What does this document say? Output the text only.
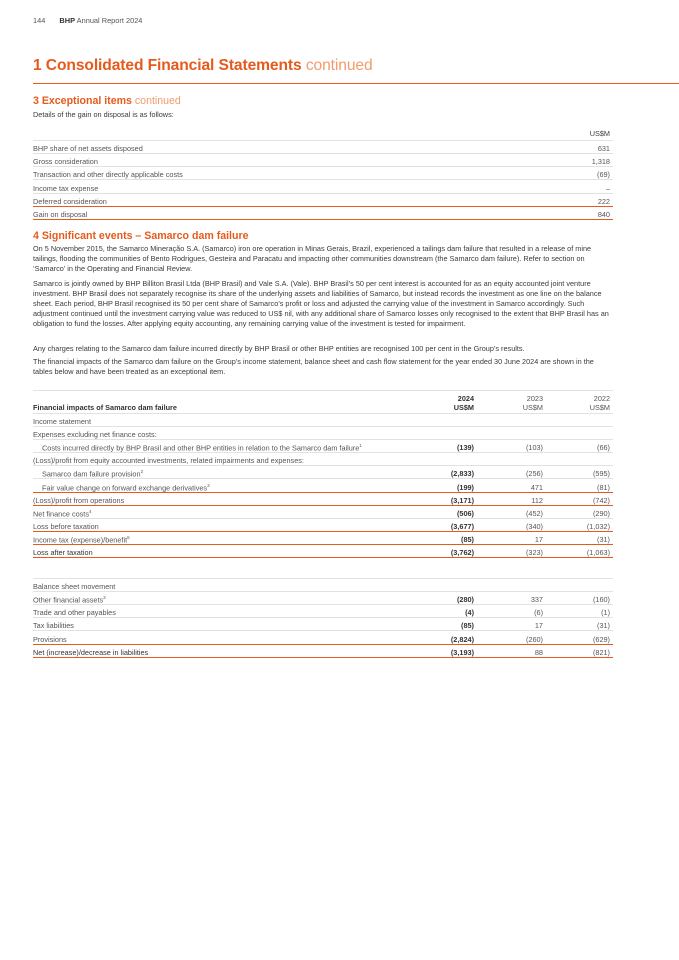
144 BHP Annual Report 2024
1 Consolidated Financial Statements continued
3 Exceptional items continued
Details of the gain on disposal is as follows:
US$M
BHP share of net assets disposed	631
Gross consideration	1,318
Transaction and other directly applicable costs	(69)
Income tax expense	–
Deferred consideration	222
Gain on disposal	840
4 Significant events – Samarco dam failure
On 5 November 2015, the Samarco Mineração S.A. (Samarco) iron ore operation in Minas Gerais, Brazil, experienced a tailings dam failure that resulted in a release of mine tailings, flooding the communities of Bento Rodrigues, Gesteira and Paracatu and impacting other communities downstream (the Samarco dam failure). Refer to section on ‘Samarco’ in the Operating and Financial Review.
Samarco is jointly owned by BHP Billiton Brasil Ltda (BHP Brasil) and Vale S.A. (Vale). BHP Brasil’s 50 per cent interest is accounted for as an equity accounted joint venture investment. BHP Brasil does not separately recognise its share of the underlying assets and liabilities of Samarco, but instead records the investment as one line on the balance sheet. Each period, BHP Brasil recognised its 50 per cent share of Samarco’s profit or loss and adjusted the carrying value of the investment in Samarco accordingly. Such adjustment continued until the investment carrying value was reduced to US$ nil, with any additional share of Samarco losses only recognised to the extent that BHP Brasil has an obligation to fund the losses. After applying equity accounting, any remaining carrying value of the investment is tested for impairment.
Any charges relating to the Samarco dam failure incurred directly by BHP Brasil or other BHP entities are recognised 100 per cent in the Group’s results.
The financial impacts of the Samarco dam failure on the Group’s income statement, balance sheet and cash flow statement for the year ended 30 June 2024 are shown in the tables below and have been treated as an exceptional item.
Financial impacts of Samarco dam failure
2024
US$M
2023
US$M
2022
US$M
Income statement
Expenses excluding net finance costs:
Costs incurred directly by BHP Brasil and other BHP entities in relation to the Samarco dam failure$^1$	(139)	(103)	(66)
(Loss)/profit from equity accounted investments, related impairments and expenses:
Samarco dam failure provision$^2$	(2,833)	(256)	(595)
Fair value change on forward exchange derivatives$^3$	(199)	471	(81)
(Loss)/profit from operations	(3,171)	112	(742)
Net finance costs$^4$	(506)	(452)	(290)
Loss before taxation	(3,677)	(340)	(1,032)
Income tax (expense)/benefit$^5$	(85)	17	(31)
Loss after taxation	(3,762)	(323)	(1,063)
Balance sheet movement
Other financial assets$^3$	(280)	337	(160)
Trade and other payables	(4)	(6)	(1)
Tax liabilities	(85)	17	(31)
Provisions	(2,824)	(260)	(629)
Net (increase)/decrease in liabilities	(3,193)	88	(821)
